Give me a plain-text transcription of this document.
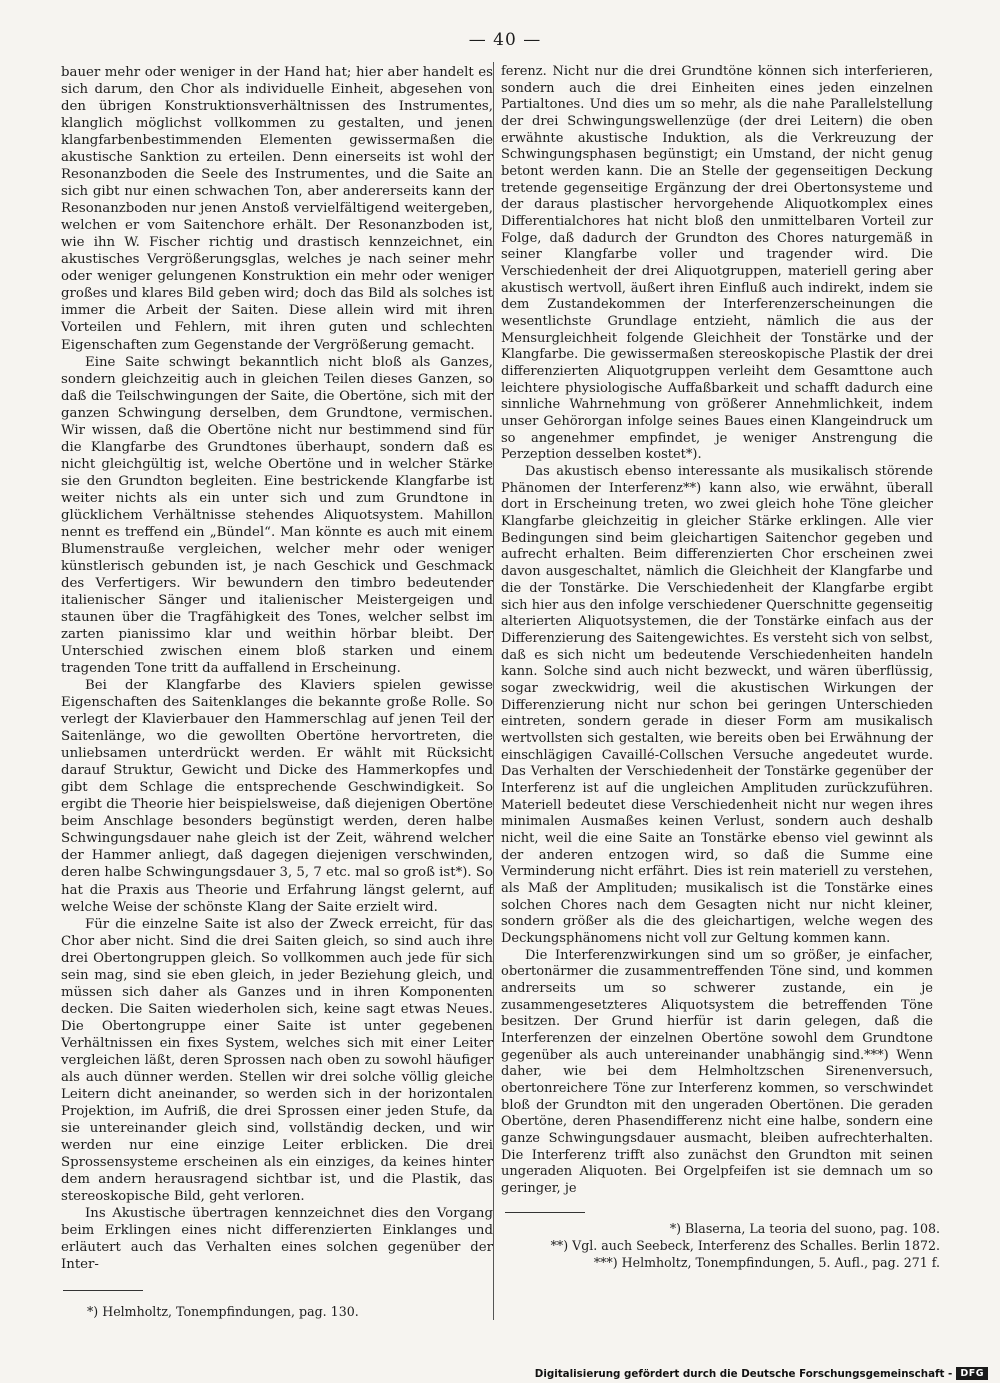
— 40 —

bauer mehr oder weniger in der Hand hat; hier aber handelt es sich darum, den Chor als individuelle Einheit, abgesehen von den übrigen Konstruktionsverhältnissen des Instrumentes, klanglich möglichst vollkommen zu gestalten, und jenen klangfarbenbestimmenden Elementen gewissermaßen die akustische Sanktion zu erteilen. Denn einerseits ist wohl der Resonanzboden die Seele des Instrumentes, und die Saite an sich gibt nur einen schwachen Ton, aber andererseits kann der Resonanzboden nur jenen Anstoß vervielfältigend weitergeben, welchen er vom Saitenchore erhält. Der Resonanzboden ist, wie ihn W. Fischer richtig und drastisch kennzeichnet, ein akustisches Vergrößerungsglas, welches je nach seiner mehr oder weniger gelungenen Konstruktion ein mehr oder weniger großes und klares Bild geben wird; doch das Bild als solches ist immer die Arbeit der Saiten. Diese allein wird mit ihren Vorteilen und Fehlern, mit ihren guten und schlechten Eigenschaften zum Gegenstande der Vergrößerung gemacht.

Eine Saite schwingt bekanntlich nicht bloß als Ganzes, sondern gleichzeitig auch in gleichen Teilen dieses Ganzen, so daß die Teilschwingungen der Saite, die Obertöne, sich mit der ganzen Schwingung derselben, dem Grundtone, vermischen. Wir wissen, daß die Obertöne nicht nur bestimmend sind für die Klangfarbe des Grundtones überhaupt, sondern daß es nicht gleichgültig ist, welche Obertöne und in welcher Stärke sie den Grundton begleiten. Eine bestrickende Klangfarbe ist weiter nichts als ein unter sich und zum Grundtone in glücklichem Verhältnisse stehendes Aliquotsystem. Mahillon nennt es treffend ein „Bündel“. Man könnte es auch mit einem Blumenstrauße vergleichen, welcher mehr oder weniger künstlerisch gebunden ist, je nach Geschick und Geschmack des Verfertigers. Wir bewundern den timbro bedeutender italienischer Sänger und italienischer Meistergeigen und staunen über die Tragfähigkeit des Tones, welcher selbst im zarten pianissimo klar und weithin hörbar bleibt. Der Unterschied zwischen einem bloß starken und einem tragenden Tone tritt da auffallend in Erscheinung.

Bei der Klangfarbe des Klaviers spielen gewisse Eigenschaften des Saitenklanges die bekannte große Rolle. So verlegt der Klavierbauer den Hammerschlag auf jenen Teil der Saitenlänge, wo die gewollten Obertöne hervortreten, die unliebsamen unterdrückt werden. Er wählt mit Rücksicht darauf Struktur, Gewicht und Dicke des Hammerkopfes und gibt dem Schlage die entsprechende Geschwindigkeit. So ergibt die Theorie hier beispielsweise, daß diejenigen Obertöne beim Anschlage besonders begünstigt werden, deren halbe Schwingungsdauer nahe gleich ist der Zeit, während welcher der Hammer anliegt, daß dagegen diejenigen verschwinden, deren halbe Schwingungsdauer 3, 5, 7 etc. mal so groß ist*). So hat die Praxis aus Theorie und Erfahrung längst gelernt, auf welche Weise der schönste Klang der Saite erzielt wird.

Für die einzelne Saite ist also der Zweck erreicht, für das Chor aber nicht. Sind die drei Saiten gleich, so sind auch ihre drei Obertongruppen gleich. So vollkommen auch jede für sich sein mag, sind sie eben gleich, in jeder Beziehung gleich, und müssen sich daher als Ganzes und in ihren Komponenten decken. Die Saiten wiederholen sich, keine sagt etwas Neues. Die Obertongruppe einer Saite ist unter gegebenen Verhältnissen ein fixes System, welches sich mit einer Leiter vergleichen läßt, deren Sprossen nach oben zu sowohl häufiger als auch dünner werden. Stellen wir drei solche völlig gleiche Leitern dicht aneinander, so werden sich in der horizontalen Projektion, im Aufriß, die drei Sprossen einer jeden Stufe, da sie untereinander gleich sind, vollständig decken, und wir werden nur eine einzige Leiter erblicken. Die drei Sprossensysteme erscheinen als ein einziges, da keines hinter dem andern herausragend sichtbar ist, und die Plastik, das stereoskopische Bild, geht verloren.

Ins Akustische übertragen kennzeichnet dies den Vorgang beim Erklingen eines nicht differenzierten Einklanges und erläutert auch das Verhalten eines solchen gegenüber der Inter-

ferenz. Nicht nur die drei Grundtöne können sich interferieren, sondern auch die drei Einheiten eines jeden einzelnen Partialtones. Und dies um so mehr, als die nahe Parallelstellung der drei Schwingungswellenzüge (der drei Leitern) die oben erwähnte akustische Induktion, als die Verkreuzung der Schwingungsphasen begünstigt; ein Umstand, der nicht genug betont werden kann. Die an Stelle der gegenseitigen Deckung tretende gegenseitige Ergänzung der drei Obertonsysteme und der daraus plastischer hervorgehende Aliquotkomplex eines Differentialchores hat nicht bloß den unmittelbaren Vorteil zur Folge, daß dadurch der Grundton des Chores naturgemäß in seiner Klangfarbe voller und tragender wird. Die Verschiedenheit der drei Aliquotgruppen, materiell gering aber akustisch wertvoll, äußert ihren Einfluß auch indirekt, indem sie dem Zustandekommen der Interferenzerscheinungen die wesentlichste Grundlage entzieht, nämlich die aus der Mensurgleichheit folgende Gleichheit der Tonstärke und der Klangfarbe. Die gewissermaßen stereoskopische Plastik der drei differenzierten Aliquotgruppen verleiht dem Gesamttone auch leichtere physiologische Auffaßbarkeit und schafft dadurch eine sinnliche Wahrnehmung von größerer Annehmlichkeit, indem unser Gehörorgan infolge seines Baues einen Klangeindruck um so angenehmer empfindet, je weniger Anstrengung die Perzeption desselben kostet*).

Das akustisch ebenso interessante als musikalisch störende Phänomen der Interferenz**) kann also, wie erwähnt, überall dort in Erscheinung treten, wo zwei gleich hohe Töne gleicher Klangfarbe gleichzeitig in gleicher Stärke erklingen. Alle vier Bedingungen sind beim gleichartigen Saitenchor gegeben und aufrecht erhalten. Beim differenzierten Chor erscheinen zwei davon ausgeschaltet, nämlich die Gleichheit der Klangfarbe und die der Tonstärke. Die Verschiedenheit der Klangfarbe ergibt sich hier aus den infolge verschiedener Querschnitte gegenseitig alterierten Aliquotsystemen, die der Tonstärke einfach aus der Differenzierung des Saitengewichtes. Es versteht sich von selbst, daß es sich nicht um bedeutende Verschiedenheiten handeln kann. Solche sind auch nicht bezweckt, und wären überflüssig, sogar zweckwidrig, weil die akustischen Wirkungen der Differenzierung nicht nur schon bei geringen Unterschieden eintreten, sondern gerade in dieser Form am musikalisch wertvollsten sich gestalten, wie bereits oben bei Erwähnung der einschlägigen Cavaillé-Collschen Versuche angedeutet wurde. Das Verhalten der Verschiedenheit der Tonstärke gegenüber der Interferenz ist auf die ungleichen Amplituden zurückzuführen. Materiell bedeutet diese Verschiedenheit nicht nur wegen ihres minimalen Ausmaßes keinen Verlust, sondern auch deshalb nicht, weil die eine Saite an Tonstärke ebenso viel gewinnt als der anderen entzogen wird, so daß die Summe eine Verminderung nicht erfährt. Dies ist rein materiell zu verstehen, als Maß der Amplituden; musikalisch ist die Tonstärke eines solchen Chores nach dem Gesagten nicht nur nicht kleiner, sondern größer als die des gleichartigen, welche wegen des Deckungsphänomens nicht voll zur Geltung kommen kann.

Die Interferenzwirkungen sind um so größer, je einfacher, obertonärmer die zusammentreffenden Töne sind, und kommen andrerseits um so schwerer zustande, ein je zusammengesetzteres Aliquotsystem die betreffenden Töne besitzen. Der Grund hierfür ist darin gelegen, daß die Interferenzen der einzelnen Obertöne sowohl dem Grundtone gegenüber als auch untereinander unabhängig sind.***) Wenn daher, wie bei dem Helmholtzschen Sirenenversuch, obertonreichere Töne zur Interferenz kommen, so verschwindet bloß der Grundton mit den ungeraden Obertönen. Die geraden Obertöne, deren Phasendifferenz nicht eine halbe, sondern eine ganze Schwingungsdauer ausmacht, bleiben aufrechterhalten. Die Interferenz trifft also zunächst den Grundton mit seinen ungeraden Aliquoten. Bei Orgelpfeifen ist sie demnach um so geringer, je

*) Helmholtz, Tonempfindungen, pag. 130.
*) Blaserna, La teoria del suono, pag. 108.
**) Vgl. auch Seebeck, Interferenz des Schalles. Berlin 1872.
***) Helmholtz, Tonempfindungen, 5. Aufl., pag. 271 f.
Digitalisierung gefördert durch die Deutsche Forschungsgemeinschaft - DFG
